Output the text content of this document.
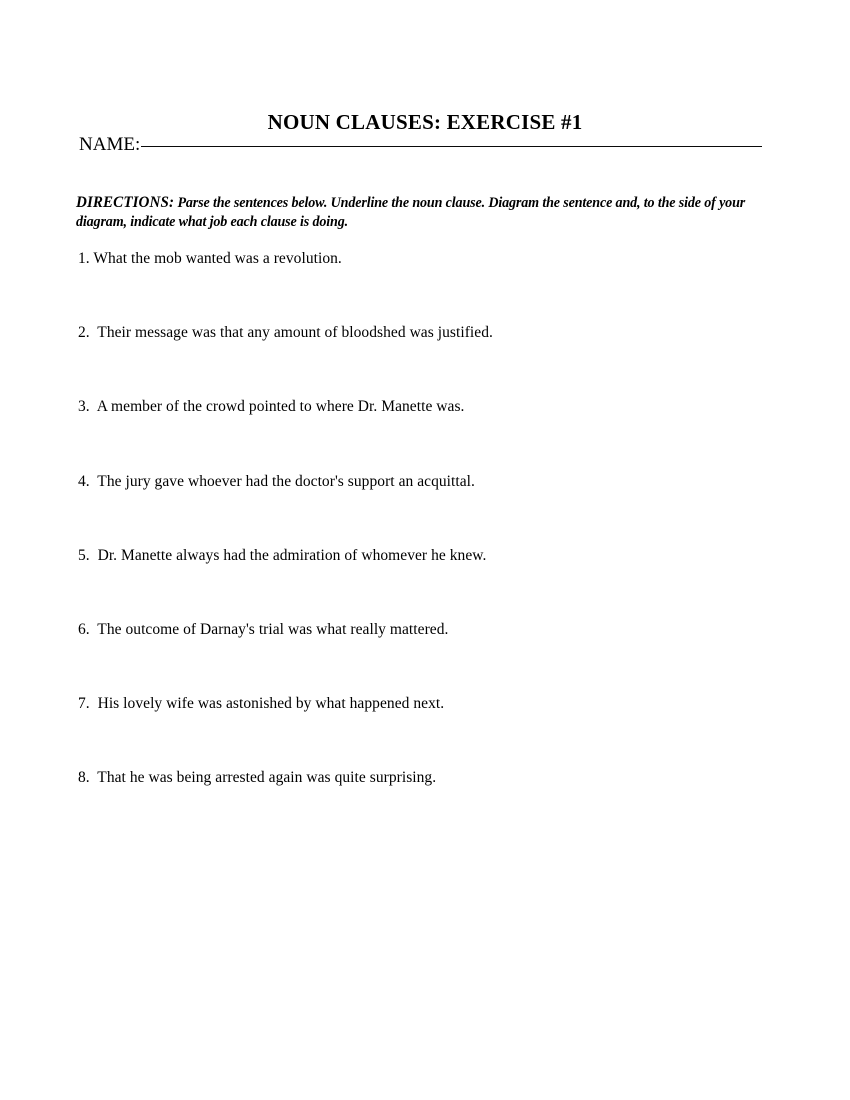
NOUN CLAUSES: EXERCISE #1
NAME:

DIRECTIONS: Parse the sentences below. Underline the noun clause. Diagram the sentence and, to the side of your diagram, indicate what job each clause is doing.

1. What the mob wanted was a revolution.
2.  Their message was that any amount of bloodshed was justified.
3.  A member of the crowd pointed to where Dr. Manette was.
4.  The jury gave whoever had the doctor's support an acquittal.
5.  Dr. Manette always had the admiration of whomever he knew.
6.  The outcome of Darnay's trial was what really mattered.
7.  His lovely wife was astonished by what happened next.
8.  That he was being arrested again was quite surprising.
